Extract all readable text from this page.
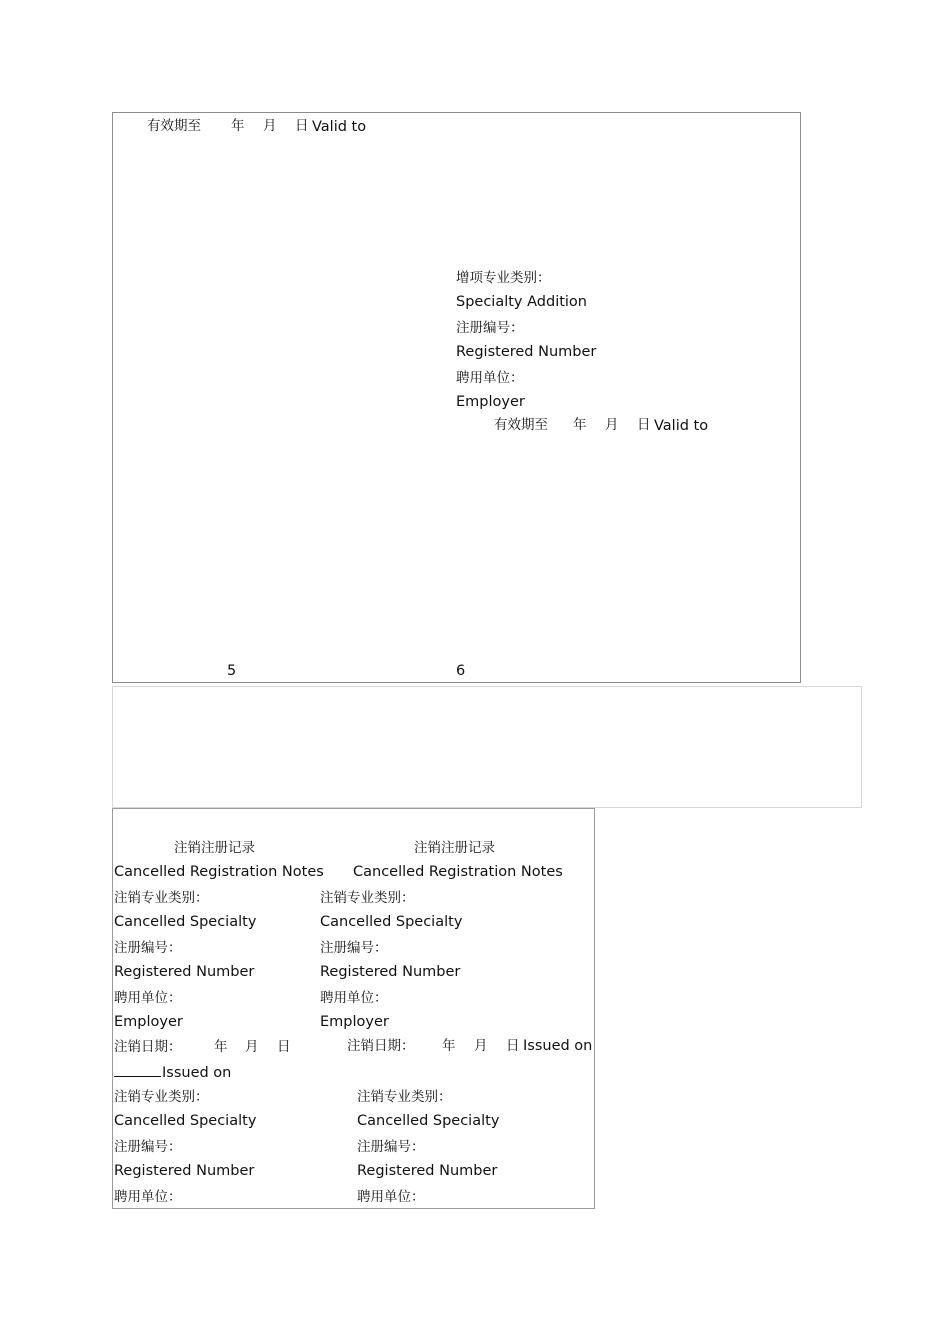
有效期至 年 月 日 Valid to
增项专业类别：
Specialty Addition
注册编号：
Registered Number
聘用单位：
Employer
有效期至 年 月 日 Valid to
5	6
注销注册记录
Cancelled Registration Notes
注销专业类别：
Cancelled Specialty
注册编号：
Registered Number
聘用单位：
Employer
注销日期： 年 月 日
Issued on
注销专业类别：
Cancelled Specialty
注册编号：
Registered Number
聘用单位：
注销注册记录
Cancelled Registration Notes
注销专业类别：
Cancelled Specialty
注册编号：
Registered Number
聘用单位：
Employer
注销日期： 年 月 日 Issued on
注销专业类别：
Cancelled Specialty
注册编号：
Registered Number
聘用单位：
